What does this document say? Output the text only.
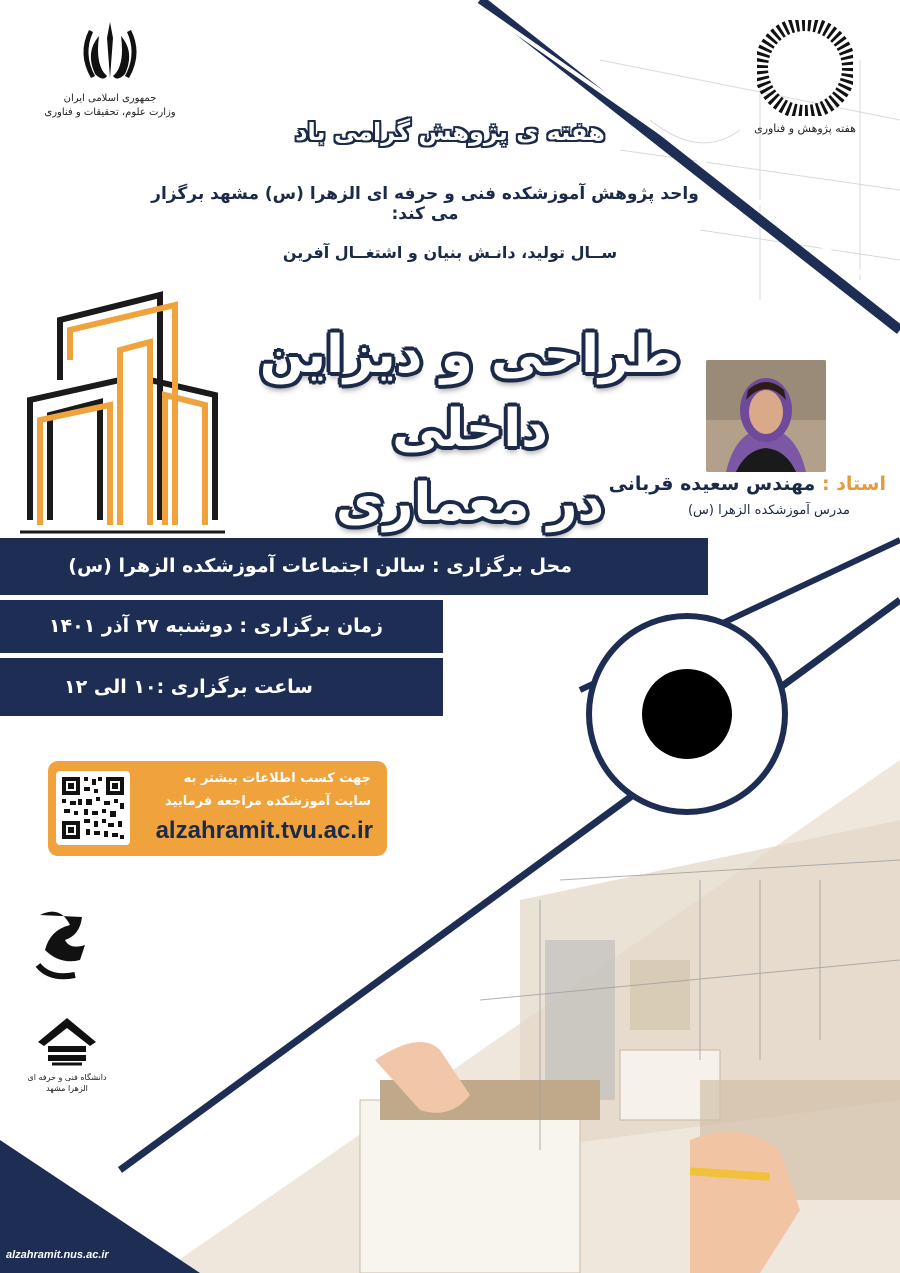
جمهوری اسلامی ایران
وزارت علوم، تحقیقات و فناوری
هفته پژوهش و فناوری
هفته ی پژوهش گرامی باد
واحد پژوهش آموزشکده فنی و حرفه ای الزهرا (س) مشهد برگزار می کند:
ســال تولید، دانـش بنیان و اشتغــال آفرین
طراحی و دیزاین داخلی
در معماری	استاد : مهندس سعیده قربانی
مدرس آموزشکده الزهرا (س)
محل برگزاری : سالن اجتماعات آموزشکده الزهرا (س)
زمان برگزاری : دوشنبه ۲۷ آذر ۱۴۰۱
ساعت برگزاری :۱۰ الی ۱۲
جهت کسب اطلاعات بیشتر به
سایت آموزشکده مراجعه فرمایید
alzahramit.tvu.ac.ir
دانشگاه فنی و حرفه ای
الزهرا مشهد
alzahramit.nus.ac.ir
